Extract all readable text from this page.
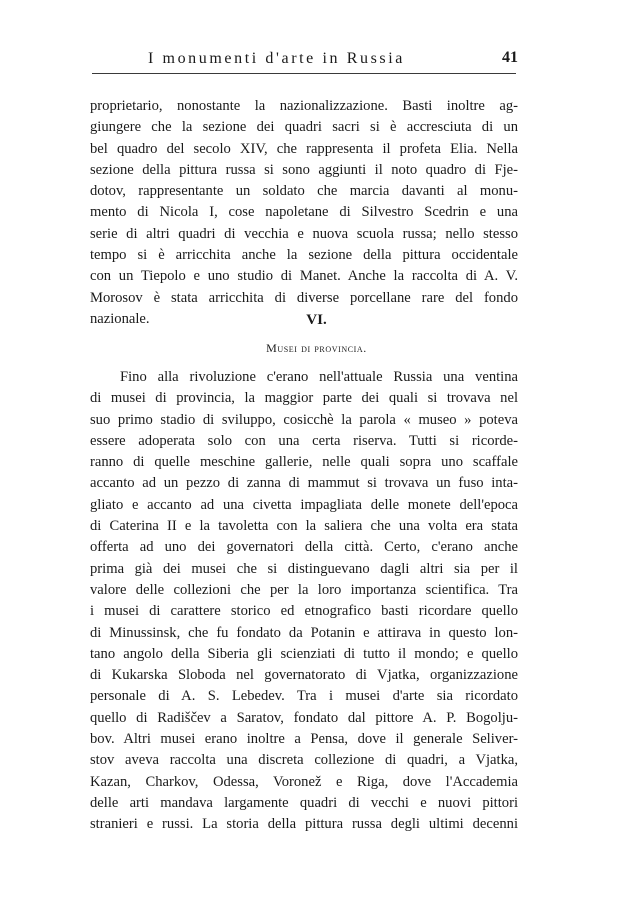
I monumenti d'arte in Russia	41
proprietario, nonostante la nazionalizzazione. Basti inoltre ag-
giungere che la sezione dei quadri sacri si è accresciuta di un
bel quadro del secolo XIV, che rappresenta il profeta Elia. Nella
sezione della pittura russa si sono aggiunti il noto quadro di Fje-
dotov, rappresentante un soldato che marcia davanti al monu-
mento di Nicola I, cose napoletane di Silvestro Scedrin e una
serie di altri quadri di vecchia e nuova scuola russa; nello stesso
tempo si è arricchita anche la sezione della pittura occidentale
con un Tiepolo e uno studio di Manet. Anche la raccolta di A. V.
Morosov è stata arricchita di diverse porcellane rare del fondo
nazionale.	VI.
Musei di provincia.
Fino alla rivoluzione c'erano nell'attuale Russia una ventina
di musei di provincia, la maggior parte dei quali si trovava nel
suo primo stadio di sviluppo, cosicchè la parola « museo » poteva
essere adoperata solo con una certa riserva. Tutti si ricorde-
ranno di quelle meschine gallerie, nelle quali sopra uno scaffale
accanto ad un pezzo di zanna di mammut si trovava un fuso inta-
gliato e accanto ad una civetta impagliata delle monete dell'epoca
di Caterina II e la tavoletta con la saliera che una volta era stata
offerta ad uno dei governatori della città. Certo, c'erano anche
prima già dei musei che si distinguevano dagli altri sia per il
valore delle collezioni che per la loro importanza scientifica. Tra
i musei di carattere storico ed etnografico basti ricordare quello
di Minussinsk, che fu fondato da Potanin e attirava in questo lon-
tano angolo della Siberia gli scienziati di tutto il mondo; e quello
di Kukarska Sloboda nel governatorato di Vjatka, organizzazione
personale di A. S. Lebedev. Tra i musei d'arte sia ricordato
quello di Radiščev a Saratov, fondato dal pittore A. P. Bogolju-
bov. Altri musei erano inoltre a Pensa, dove il generale Seliver-
stov aveva raccolta una discreta collezione di quadri, a Vjatka,
Kazan, Charkov, Odessa, Voronež e Riga, dove l'Accademia
delle arti mandava largamente quadri di vecchi e nuovi pittori
stranieri e russi. La storia della pittura russa degli ultimi decenni
